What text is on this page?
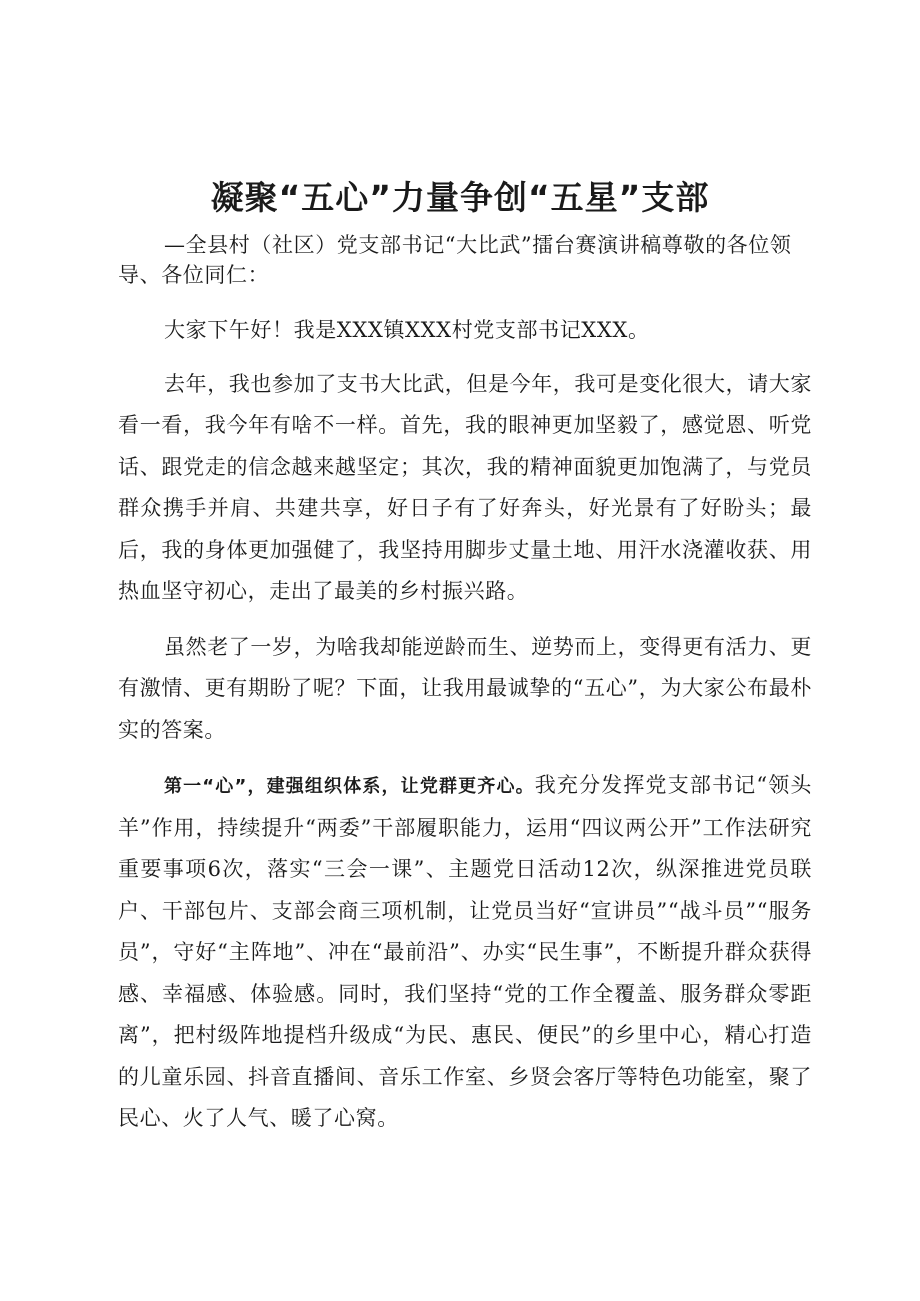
凝聚“五心”力量争创“五星”支部

—全县村（社区）党支部书记“大比武”擂台赛演讲稿尊敬的各位领导、各位同仁：

大家下午好！我是XXX镇XXX村党支部书记XXX。

去年，我也参加了支书大比武，但是今年，我可是变化很大，请大家看一看，我今年有啥不一样。首先，我的眼神更加坚毅了，感觉恩、听党话、跟党走的信念越来越坚定；其次，我的精神面貌更加饱满了，与党员群众携手并肩、共建共享，好日子有了好奔头，好光景有了好盼头；最后，我的身体更加强健了，我坚持用脚步丈量土地、用汗水浇灌收获、用热血坚守初心，走出了最美的乡村振兴路。

虽然老了一岁，为啥我却能逆龄而生、逆势而上，变得更有活力、更有激情、更有期盼了呢？下面，让我用最诚挚的“五心”，为大家公布最朴实的答案。

第一“心”，建强组织体系，让党群更齐心。我充分发挥党支部书记“领头羊”作用，持续提升“两委”干部履职能力，运用“四议两公开”工作法研究重要事项6次，落实“三会一课”、主题党日活动12次，纵深推进党员联户、干部包片、支部会商三项机制，让党员当好“宣讲员”“战斗员”“服务员”，守好“主阵地”、冲在“最前沿”、办实“民生事”，不断提升群众获得感、幸福感、体验感。同时，我们坚持“党的工作全覆盖、服务群众零距离”，把村级阵地提档升级成“为民、惠民、便民”的乡里中心，精心打造的儿童乐园、抖音直播间、音乐工作室、乡贤会客厅等特色功能室，聚了民心、火了人气、暖了心窝。
